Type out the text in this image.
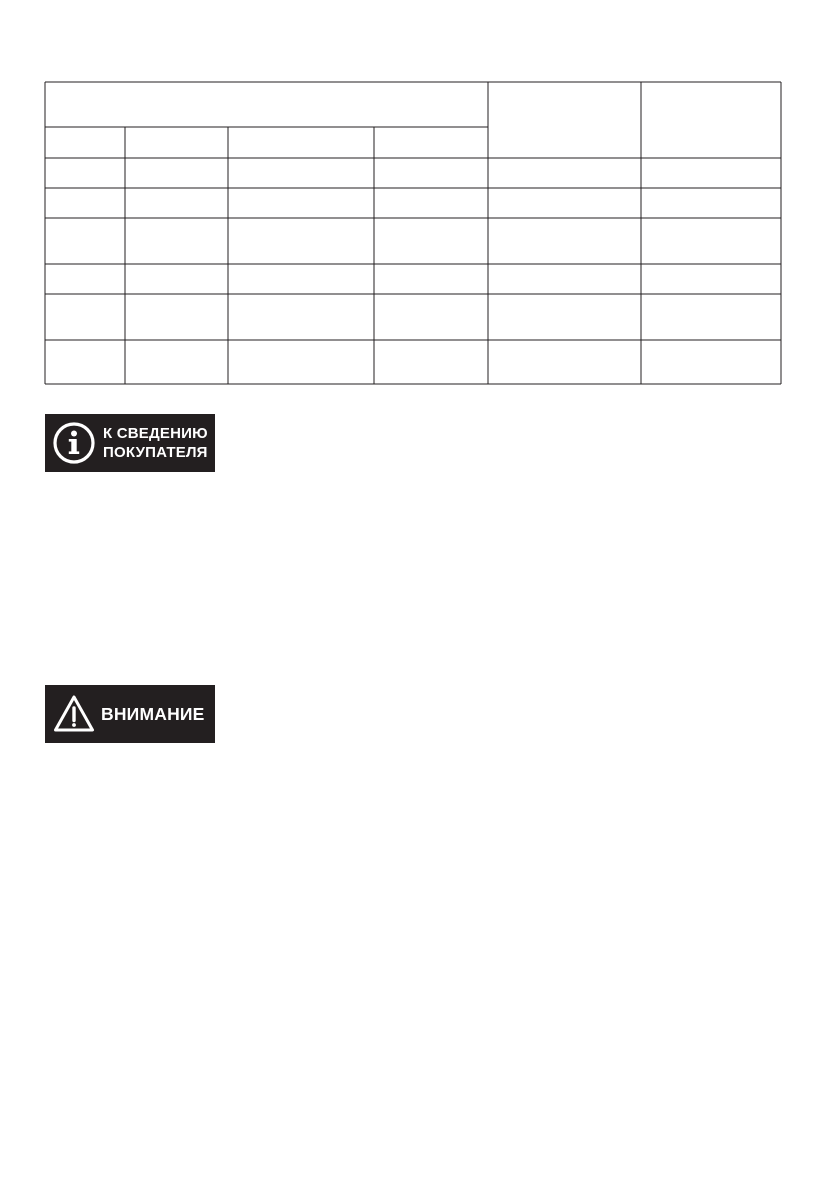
К СВЕДЕНИЮ
ПОКУПАТЕЛЯ
ВНИМАНИЕ
